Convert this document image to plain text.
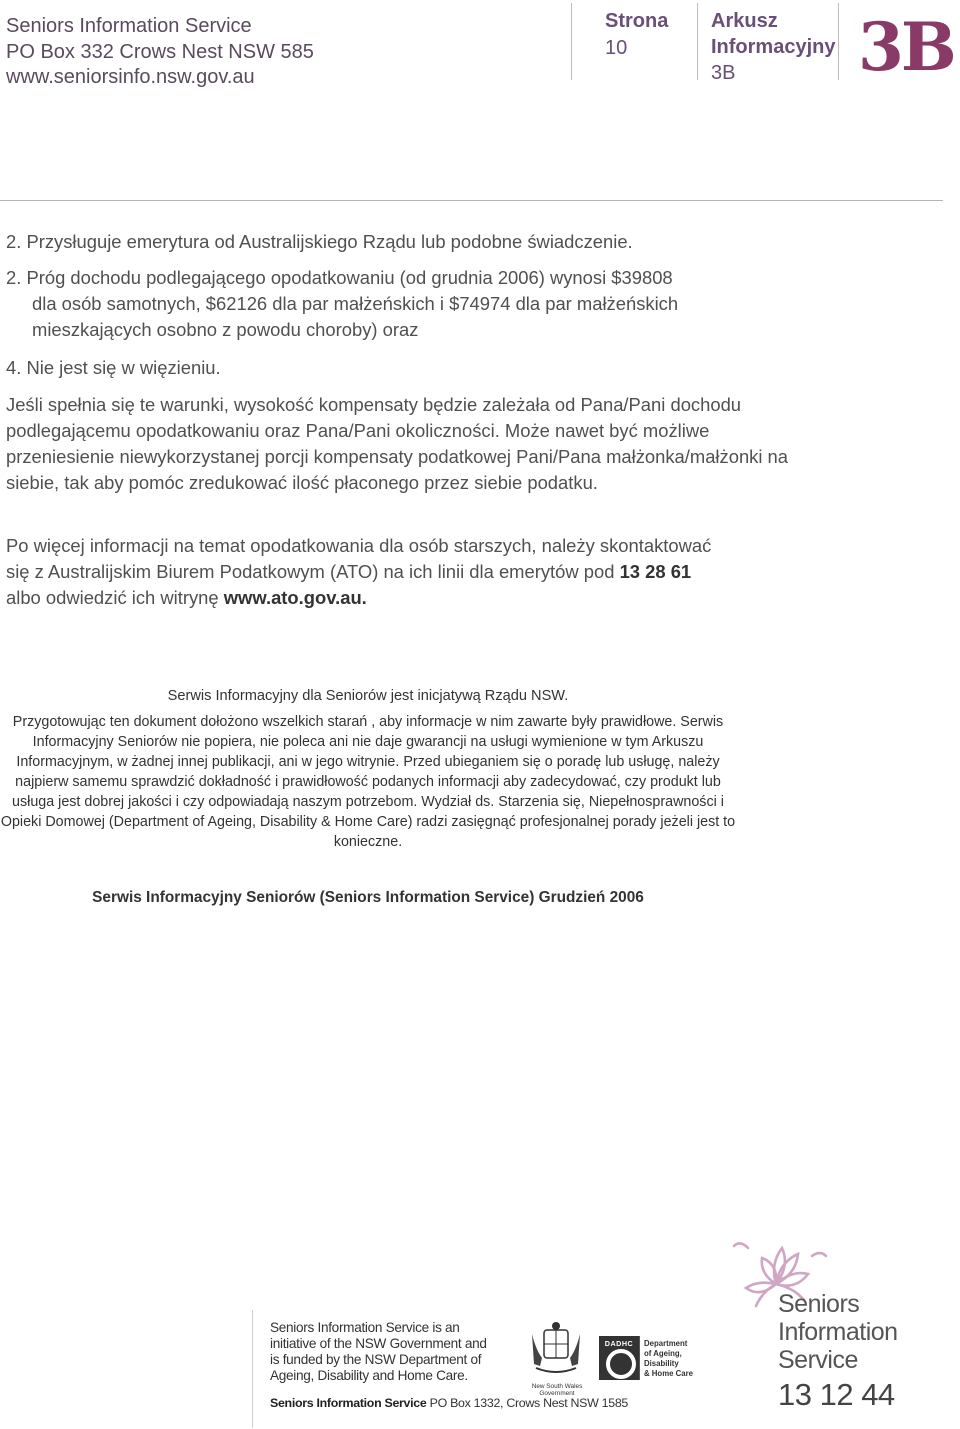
Seniors Information Service
PO Box 332 Crows Nest NSW 585
www.seniorsinfo.nsw.gov.au
Strona
10
Arkusz
Informacyjny
3B	3B
2. Przysługuje emerytura od Australijskiego Rządu lub podobne świadczenie.
2. Próg dochodu podlegającego opodatkowaniu (od grudnia 2006) wynosi $39808
dla osób samotnych, $62126 dla par małżeńskich i $74974 dla par małżeńskich
mieszkających osobno z powodu choroby) oraz
4. Nie jest się w więzieniu.
Jeśli spełnia się te warunki, wysokość kompensaty będzie zależała od Pana/Pani dochodu podlegającemu opodatkowaniu oraz Pana/Pani okoliczności. Może nawet być możliwe przeniesienie niewykorzystanej porcji kompensaty podatkowej Pani/Pana małżonka/małżonki na siebie, tak aby pomóc zredukować ilość płaconego przez siebie podatku.
Po więcej informacji na temat opodatkowania dla osób starszych, należy skontaktować się z Australijskim Biurem Podatkowym (ATO) na ich linii dla emerytów pod 13 28 61 albo odwiedzić ich witrynę www.ato.gov.au.
Serwis Informacyjny dla Seniorów jest inicjatywą Rządu NSW.
Przygotowując ten dokument dołożono wszelkich starań , aby informacje w nim zawarte były prawidłowe. Serwis Informacyjny Seniorów nie popiera, nie poleca ani nie daje gwarancji na usługi wymienione w tym Arkuszu Informacyjnym, w żadnej innej publikacji, ani w jego witrynie. Przed ubieganiem się o poradę lub usługę, należy najpierw samemu sprawdzić dokładność i prawidłowość podanych informacji aby zadecydować, czy produkt lub usługa jest dobrej jakości i czy odpowiadają naszym potrzebom. Wydział ds. Starzenia się, Niepełnosprawności i Opieki Domowej (Department of Ageing, Disability & Home Care) radzi zasięgnąć profesjonalnej porady jeżeli jest to konieczne.
Serwis Informacyjny Seniorów (Seniors Information Service) Grudzień 2006
Seniors Information Service is an
initiative of the NSW Government and
is funded by the NSW Department of
Ageing, Disability and Home Care.
Seniors Information Service PO Box 1332, Crows Nest NSW 1585
New South Wales Government
DADHC	Department
of Ageing,
Disability
& Home Care
Seniors
Information
Service
13 12 44
